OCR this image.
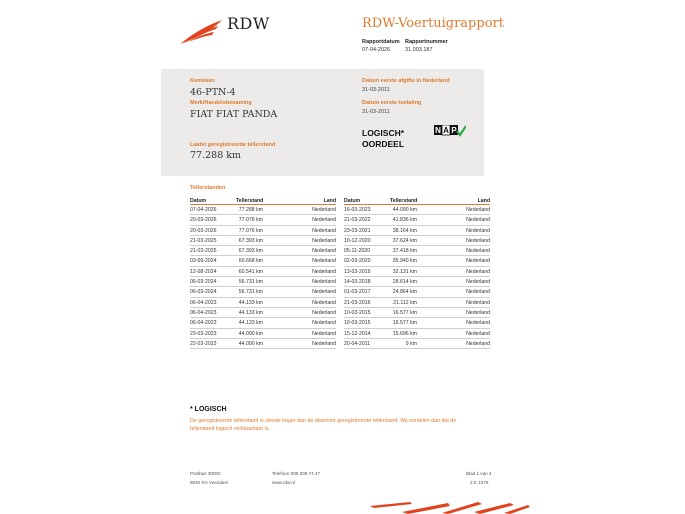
RDW	RDW-Voertuigrapport
Rapportdatum
07-04-2026
Rapportnummer
31.003.187
Kenteken
46-PTN-4
Merk/Handelsbenaming
FIAT FIAT PANDA
Laatst geregistreerde tellerstand
77.288 km
Datum eerste afgifte in Nederland
31-03-2011
Datum eerste toelating
31-03-2011
LOGISCH*
OORDEEL
N A P
Tellerstanden
Datum	Tellerstand	Land
07-04-2026	77.288 km	Nederland
20-03-2026	77.076 km	Nederland
20-03-2026	77.076 km	Nederland
21-03-2025	67.393 km	Nederland
21-03-2025	67.393 km	Nederland
03-09-2024	60.668 km	Nederland
12-08-2024	60.541 km	Nederland
06-03-2024	56.731 km	Nederland
06-03-2024	56.731 km	Nederland
06-04-2023	44.133 km	Nederland
06-04-2023	44.133 km	Nederland
06-04-2023	44.133 km	Nederland
23-03-2023	44.090 km	Nederland
22-03-2023	44.090 km	Nederland
Datum	Tellerstand	Land
16-03-2023	44.090 km	Nederland
21-03-2022	41.836 km	Nederland
23-03-2021	38.164 km	Nederland
10-12-2020	37.624 km	Nederland
05-11-2020	37.418 km	Nederland
02-03-2020	35.940 km	Nederland
13-03-2019	32.131 km	Nederland
14-03-2018	28.614 km	Nederland
01-03-2017	24.864 km	Nederland
21-03-2016	21.112 km	Nederland
10-03-2015	16.577 km	Nederland
10-03-2015	16.577 km	Nederland
15-12-2014	15.696 km	Nederland
20-04-2011	9 km	Nederland
* LOGISCH
De geregistreerde tellerstand is steeds hoger dan de daarvoor geregistreerde tellerstand. Wij oordelen dan dat de tellerstand logisch verklaarbaar is.
Postbus 30000
9640 RA Veendam
Telefoon 088 008 74 47
www.rdw.nl
Blad 1 van 4
3 E 1679
